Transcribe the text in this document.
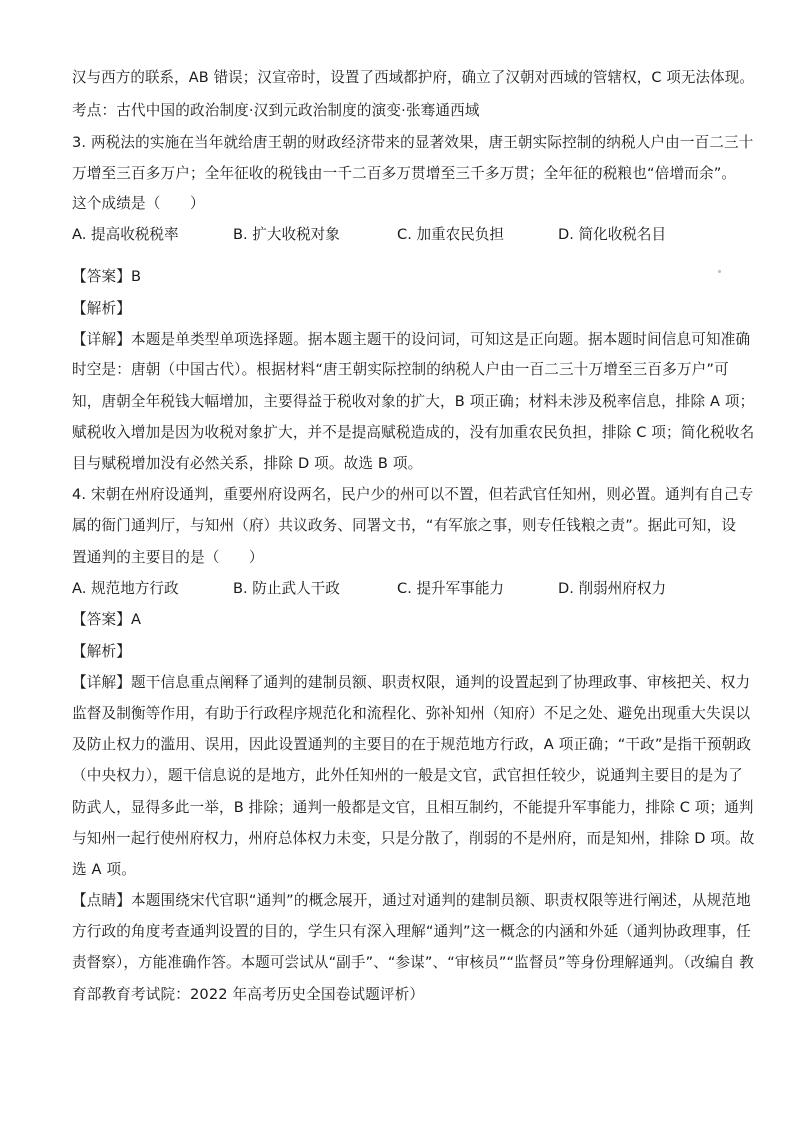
汉与西方的联系，AB 错误；汉宣帝时，设置了西域都护府，确立了汉朝对西域的管辖权，C 项无法体现。
考点：古代中国的政治制度·汉到元政治制度的演变·张骞通西域
3. 两税法的实施在当年就给唐王朝的财政经济带来的显著效果，唐王朝实际控制的纳税人户由一百二三十
万增至三百多万户；全年征收的税钱由一千二百多万贯增至三千多万贯；全年征的税粮也“倍增而余”。
这个成绩是（　　）
A. 提高收税税率	B. 扩大收税对象	C. 加重农民负担	D. 简化收税名目
【答案】B
【解析】
【详解】本题是单类型单项选择题。据本题主题干的设问词，可知这是正向题。据本题时间信息可知准确
时空是：唐朝（中国古代）。根据材料“唐王朝实际控制的纳税人户由一百二三十万增至三百多万户”可
知，唐朝全年税钱大幅增加，主要得益于税收对象的扩大，B 项正确；材料未涉及税率信息，排除 A 项；
赋税收入增加是因为收税对象扩大，并不是提高赋税造成的，没有加重农民负担，排除 C 项；简化税收名
目与赋税增加没有必然关系，排除 D 项。故选 B 项。
4. 宋朝在州府设通判，重要州府设两名，民户少的州可以不置，但若武官任知州，则必置。通判有自己专
属的衙门通判厅，与知州（府）共议政务、同署文书，“有军旅之事，则专任钱粮之责”。据此可知，设
置通判的主要目的是（　　）
A. 规范地方行政	B. 防止武人干政	C. 提升军事能力	D. 削弱州府权力
【答案】A
【解析】
【详解】题干信息重点阐释了通判的建制员额、职责权限，通判的设置起到了协理政事、审核把关、权力
监督及制衡等作用，有助于行政程序规范化和流程化、弥补知州（知府）不足之处、避免出现重大失误以
及防止权力的滥用、误用，因此设置通判的主要目的在于规范地方行政，A 项正确；“干政”是指干预朝政
（中央权力），题干信息说的是地方，此外任知州的一般是文官，武官担任较少，说通判主要目的是为了
防武人，显得多此一举，B 排除；通判一般都是文官，且相互制约，不能提升军事能力，排除 C 项；通判
与知州一起行使州府权力，州府总体权力未变，只是分散了，削弱的不是州府，而是知州，排除 D 项。故
选 A 项。
【点睛】本题围绕宋代官职“通判”的概念展开，通过对通判的建制员额、职责权限等进行阐述，从规范地
方行政的角度考查通判设置的目的，学生只有深入理解“通判”这一概念的内涵和外延（通判协政理事，任
责督察），方能准确作答。本题可尝试从“副手”、“参谋”、“审核员”“监督员”等身份理解通判。（改编自 教
育部教育考试院：2022 年高考历史全国卷试题评析）
